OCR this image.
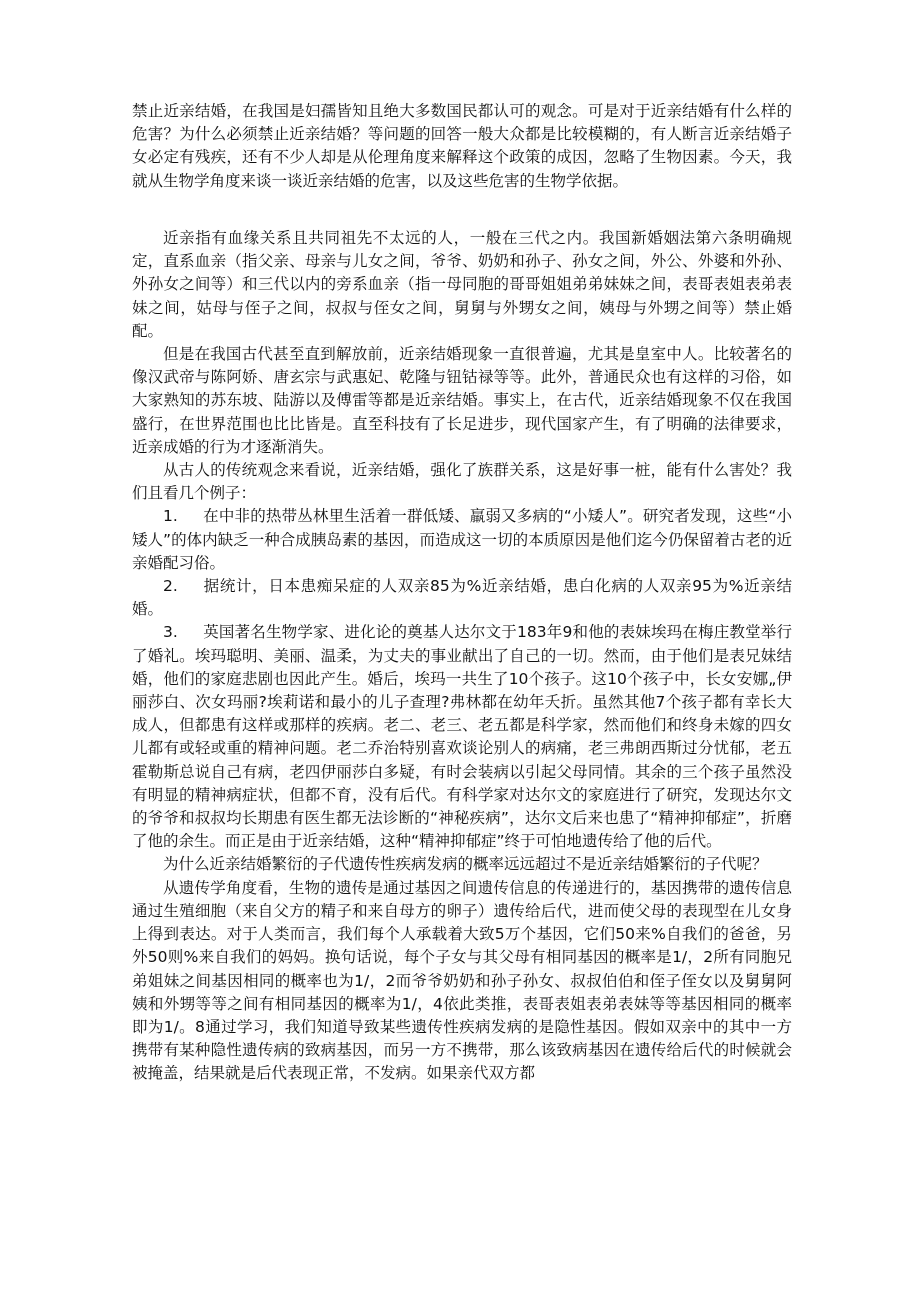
禁止近亲结婚，在我国是妇孺皆知且绝大多数国民都认可的观念。可是对于近亲结婚有什么样的危害？为什么必须禁止近亲结婚？等问题的回答一般大众都是比较模糊的，有人断言近亲结婚子女必定有残疾，还有不少人却是从伦理角度来解释这个政策的成因，忽略了生物因素。今天，我就从生物学角度来谈一谈近亲结婚的危害，以及这些危害的生物学依据。

近亲指有血缘关系且共同祖先不太远的人，一般在三代之内。我国新婚姻法第六条明确规定，直系血亲（指父亲、母亲与儿女之间，爷爷、奶奶和孙子、孙女之间，外公、外婆和外孙、外孙女之间等）和三代以内的旁系血亲（指一母同胞的哥哥姐姐弟弟妹妹之间，表哥表姐表弟表妹之间，姑母与侄子之间，叔叔与侄女之间，舅舅与外甥女之间，姨母与外甥之间等）禁止婚配。

但是在我国古代甚至直到解放前，近亲结婚现象一直很普遍，尤其是皇室中人。比较著名的像汉武帝与陈阿娇、唐玄宗与武惠妃、乾隆与钮钴禄等等。此外，普通民众也有这样的习俗，如大家熟知的苏东坡、陆游以及傅雷等都是近亲结婚。事实上，在古代，近亲结婚现象不仅在我国盛行，在世界范围也比比皆是。直至科技有了长足进步，现代国家产生，有了明确的法律要求，近亲成婚的行为才逐渐消失。

从古人的传统观念来看说，近亲结婚，强化了族群关系，这是好事一桩，能有什么害处？我们且看几个例子：

1. 在中非的热带丛林里生活着一群低矮、羸弱又多病的“小矮人”。研究者发现，这些“小矮人”的体内缺乏一种合成胰岛素的基因，而造成这一切的本质原因是他们迄今仍保留着古老的近亲婚配习俗。

2. 据统计，日本患痴呆症的人双亲85为%近亲结婚，患白化病的人双亲95为%近亲结婚。

3. 英国著名生物学家、进化论的奠基人达尔文于183年9和他的表妹埃玛在梅庄教堂举行了婚礼。埃玛聪明、美丽、温柔，为丈夫的事业献出了自己的一切。然而，由于他们是表兄妹结婚，他们的家庭悲剧也因此产生。婚后，埃玛一共生了10个孩子。这10个孩子中，长女安娜„伊丽莎白、次女玛丽?埃莉诺和最小的儿子查理?弗林都在幼年夭折。虽然其他7个孩子都有幸长大成人，但都患有这样或那样的疾病。老二、老三、老五都是科学家，然而他们和终身未嫁的四女儿都有或轻或重的精神问题。老二乔治特别喜欢谈论别人的病痛，老三弗朗西斯过分忧郁，老五霍勒斯总说自己有病，老四伊丽莎白多疑，有时会装病以引起父母同情。其余的三个孩子虽然没有明显的精神病症状，但都不育，没有后代。有科学家对达尔文的家庭进行了研究，发现达尔文的爷爷和叔叔均长期患有医生都无法诊断的“神秘疾病”，达尔文后来也患了“精神抑郁症”，折磨了他的余生。而正是由于近亲结婚，这种“精神抑郁症”终于可怕地遗传给了他的后代。

为什么近亲结婚繁衍的子代遗传性疾病发病的概率远远超过不是近亲结婚繁衍的子代呢？

从遗传学角度看，生物的遗传是通过基因之间遗传信息的传递进行的，基因携带的遗传信息通过生殖细胞（来自父方的精子和来自母方的卵子）遗传给后代，进而使父母的表现型在儿女身上得到表达。对于人类而言，我们每个人承载着大致5万个基因，它们50来%自我们的爸爸，另外50则%来自我们的妈妈。换句话说，每个子女与其父母有相同基因的概率是1/，2所有同胞兄弟姐妹之间基因相同的概率也为1/，2而爷爷奶奶和孙子孙女、叔叔伯伯和侄子侄女以及舅舅阿姨和外甥等等之间有相同基因的概率为1/，4依此类推，表哥表姐表弟表妹等等基因相同的概率即为1/。8通过学习，我们知道导致某些遗传性疾病发病的是隐性基因。假如双亲中的其中一方携带有某种隐性遗传病的致病基因，而另一方不携带，那么该致病基因在遗传给后代的时候就会被掩盖，结果就是后代表现正常，不发病。如果亲代双方都
